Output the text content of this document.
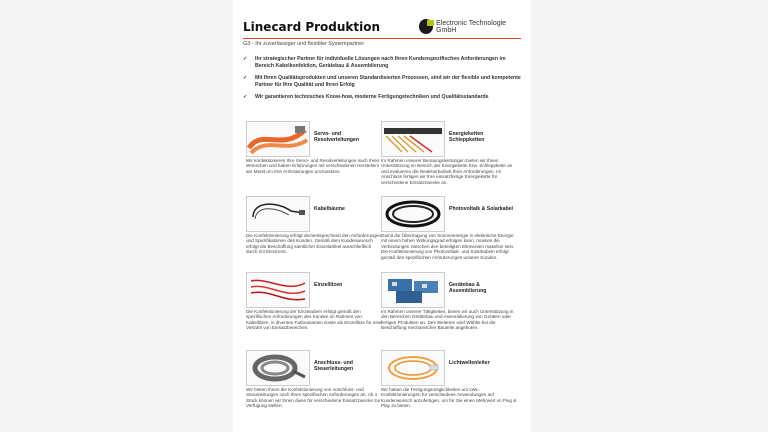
Linecard Produktion	Electronic Technologie GmbH
G3 - Ihr zuverlässiger und flexibler Systempartner
✓	Ihr strategischer Partner für individuelle Lösungen nach Ihren Kundenspezifischen Anforderungen im Bereich Kabelkonfektion, Gerätebau & Assemblierung
✓	Mit Ihren Qualitätsprodukten und unseren Standardisierten Prozessen, sind wir der flexible und kompetente Partner für Ihre Qualität und Ihren Erfolg
✓	Wir garantieren technisches Know-how, moderne Fertigungstechniken und Qualitätsstandards
Servo- und Resolverleitungen
Wir konfektionieren Ihre Servo- und Resolverleitungen nach Ihren Wünschen und haben Erfahrungen mit verschiedenen Herstellern am Markt um Ihre Anforderungen umzusetzen.
Energieketten Schleppketten
Im Rahmen unserer Beratungsleistungen bieten wir Ihnen Unterstützung im Bereich der Energiekette bzw. Schleppkette an und evaluieren die Realisierbarkeit Ihrer Anforderungen. Im Anschluss fertigen wir Ihre einsatzfertige Energiekette für verschiedene Einsatzzwecke an.
Kabelbäume
Die Konfektionierung erfolgt dementsprechend den Anforderungen und Spezifikationen des Kunden. Gemäß dem Kundenwunsch erfolgt die Beschaffung sämtlicher Einzelartikel ausschließlich durch G3 Electronic.
Photovoltaik & Solarkabel
Damit die Übertragung von Sonnenenergie in elektrische Energie mit einem hohen Wirkungsgrad erfolgen kann, müssen die Verbindungen zwischen den beteiligten Elementen makellos sein. Die Konfektionierung von Photovoltaik- und Solarkabeln erfolgt gemäß den spezifischen Anforderungen unserer Kunden.
Einzellitzen
Die Konfektionierung der Einzeladern erfolgt gemäß den spezifischen Anforderungen des Kunden im Rahmen von Kabellitzen, in diversen Farbvarianten sowie als Einzellitze für eine Vielzahl von Einsatzbereichen.
Gerätebau & Assemblierung
Im Rahmen unserer Tätigkeiten, bieten wir auch Unterstützung in den Bereichen Gerätebau und Assemblierung von Geräten oder fertigen Produkten an. Des Weiteren wird Wählte bei der Beschaffung mechanischer Bauteile angeboten.
Anschluss- und Steuerleitungen
Wir bieten Ihnen die Konfektionierung von Anschluss- und Steuerleitungen nach Ihren spezifischen Anforderungen an. Ab 1 Stück können wir Ihnen diese für verschiedene Einsatzzwecke zur Verfügung stellen.
Lichtwellenleiter
Wir haben die Fertigungsmöglichkeiten um LWL-Konfektionierungen für verschiedene Anwendungen auf Kundenwunsch anzufertigen, um für Sie einen Mehrwert im Plug & Play zu bieten.
